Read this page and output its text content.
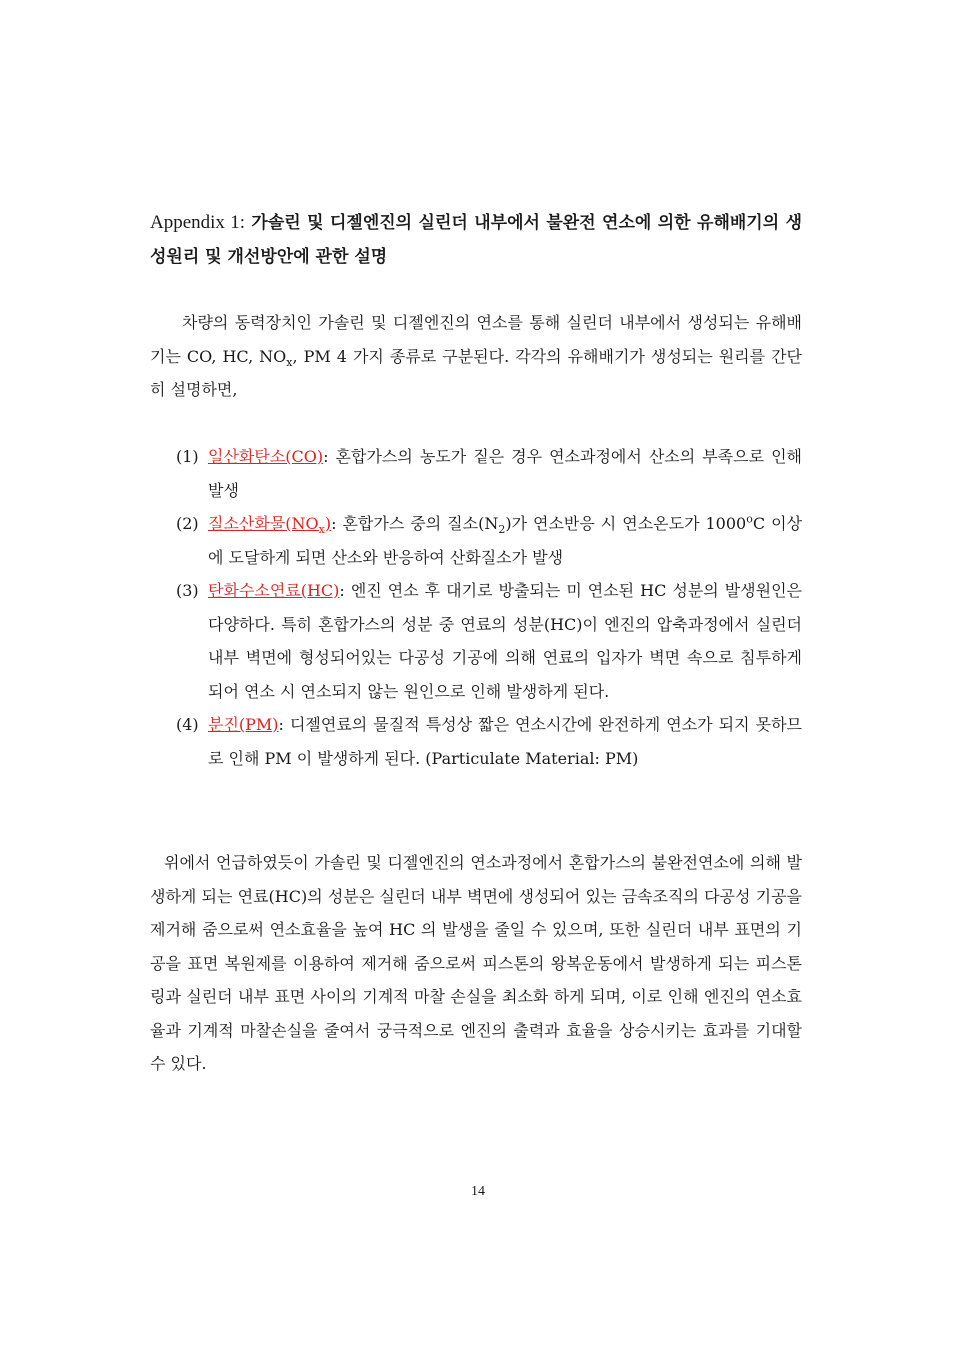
Appendix 1: 가솔린 및 디젤엔진의 실린더 내부에서 불완전 연소에 의한 유해배기의 생성원리 및 개선방안에 관한 설명

차량의 동력장치인 가솔린 및 디젤엔진의 연소를 통해 실린더 내부에서 생성되는 유해배기는 CO, HC, $NO_x$, PM 4 가지 종류로 구분된다. 각각의 유해배기가 생성되는 원리를 간단히 설명하면,

(1) 일산화탄소(CO): 혼합가스의 농도가 짙은 경우 연소과정에서 산소의 부족으로 인해 발생
(2) 질소산화물$(NO_x)$: 혼합가스 중의 질소$(N_2)$가 연소반응 시 연소온도가 1000$^o$C 이상에 도달하게 되면 산소와 반응하여 산화질소가 발생
(3) 탄화수소연료(HC): 엔진 연소 후 대기로 방출되는 미 연소된 HC 성분의 발생원인은 다양하다. 특히 혼합가스의 성분 중 연료의 성분(HC)이 엔진의 압축과정에서 실린더 내부 벽면에 형성되어있는 다공성 기공에 의해 연료의 입자가 벽면 속으로 침투하게 되어 연소 시 연소되지 않는 원인으로 인해 발생하게 된다.
(4) 분진(PM): 디젤연료의 물질적 특성상 짧은 연소시간에 완전하게 연소가 되지 못하므로 인해 PM 이 발생하게 된다. (Particulate Material: PM)

위에서 언급하였듯이 가솔린 및 디젤엔진의 연소과정에서 혼합가스의 불완전연소에 의해 발생하게 되는 연료(HC)의 성분은 실린더 내부 벽면에 생성되어 있는 금속조직의 다공성 기공을 제거해 줌으로써 연소효율을 높여 HC 의 발생을 줄일 수 있으며, 또한 실린더 내부 표면의 기공을 표면 복원제를 이용하여 제거해 줌으로써 피스톤의 왕복운동에서 발생하게 되는 피스톤 링과 실린더 내부 표면 사이의 기계적 마찰 손실을 최소화 하게 되며, 이로 인해 엔진의 연소효율과 기계적 마찰손실을 줄여서 궁극적으로 엔진의 출력과 효율을 상승시키는 효과를 기대할 수 있다.

14
